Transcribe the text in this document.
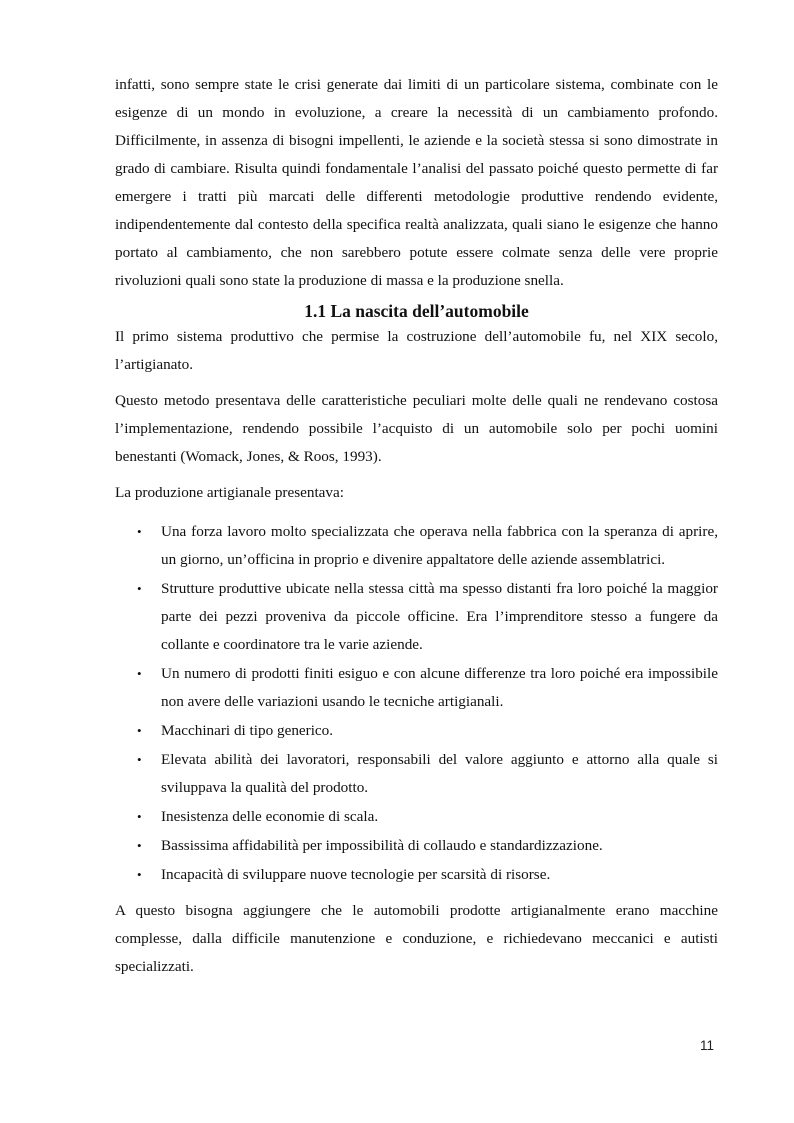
infatti, sono sempre state le crisi generate dai limiti di un particolare sistema, combinate con le esigenze di un mondo in evoluzione, a creare la necessità di un cambiamento profondo. Difficilmente, in assenza di bisogni impellenti, le aziende e la società stessa si sono dimostrate in grado di cambiare. Risulta quindi fondamentale l’analisi del passato poiché questo permette di far emergere i tratti più marcati delle differenti metodologie produttive rendendo evidente, indipendentemente dal contesto della specifica realtà analizzata, quali siano le esigenze che hanno portato al cambiamento, che non sarebbero potute essere colmate senza delle vere proprie rivoluzioni quali sono state la produzione di massa e la produzione snella.

1.1 La nascita dell’automobile

Il primo sistema produttivo che permise la costruzione dell’automobile fu, nel XIX secolo, l’artigianato.

Questo metodo presentava delle caratteristiche peculiari molte delle quali ne rendevano costosa l’implementazione, rendendo possibile l’acquisto di un automobile solo per pochi uomini benestanti (Womack, Jones, & Roos, 1993).

La produzione artigianale presentava:

• Una forza lavoro molto specializzata che operava nella fabbrica con la speranza di aprire, un giorno, un’officina in proprio e divenire appaltatore delle aziende assemblatrici.
• Strutture produttive ubicate nella stessa città ma spesso distanti fra loro poiché la maggior parte dei pezzi proveniva da piccole officine. Era l’imprenditore stesso a fungere da collante e coordinatore tra le varie aziende.
• Un numero di prodotti finiti esiguo e con alcune differenze tra loro poiché era impossibile non avere delle variazioni usando le tecniche artigianali.
• Macchinari di tipo generico.
• Elevata abilità dei lavoratori, responsabili del valore aggiunto e attorno alla quale si sviluppava la qualità del prodotto.
• Inesistenza delle economie di scala.
• Bassissima affidabilità per impossibilità di collaudo e standardizzazione.
• Incapacità di sviluppare nuove tecnologie per scarsità di risorse.

A questo bisogna aggiungere che le automobili prodotte artigianalmente erano macchine complesse, dalla difficile manutenzione e conduzione, e richiedevano meccanici e autisti specializzati.

11
